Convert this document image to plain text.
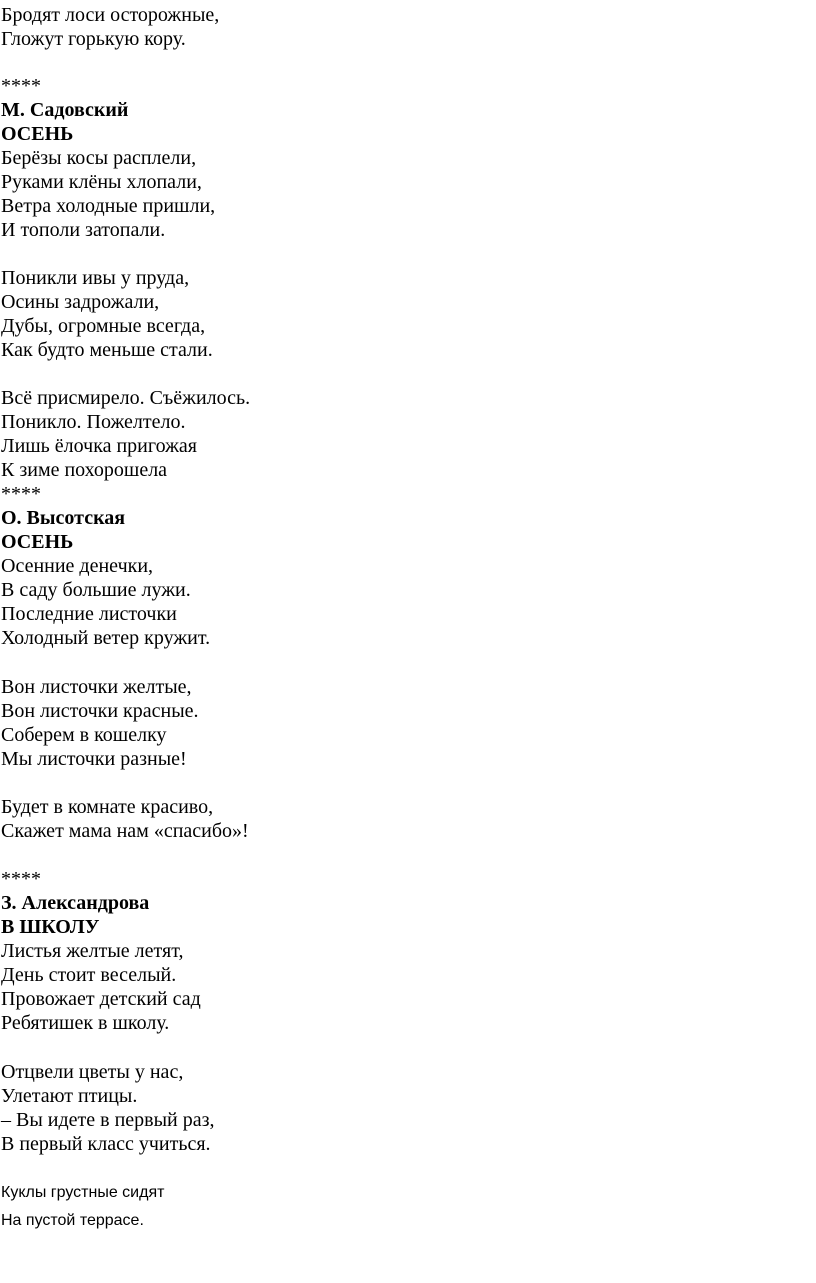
Бродят лоси осторожные,
Гложут горькую кору.
****
М. Садовский
ОСЕНЬ
Берёзы косы расплели,
Руками клёны хлопали,
Ветра холодные пришли,
И тополи затопали.
Поникли ивы у пруда,
Осины задрожали,
Дубы, огромные всегда,
Как будто меньше стали.
Всё присмирело. Съёжилось.
Поникло. Пожелтело.
Лишь ёлочка пригожая
К зиме похорошела
****
О. Высотская
ОСЕНЬ
Осенние денечки,
В саду большие лужи.
Последние листочки
Холодный ветер кружит.
Вон листочки желтые,
Вон листочки красные.
Соберем в кошелку
Мы листочки разные!
Будет в комнате красиво,
Скажет мама нам «спасибо»!
****
З. Александрова
В ШКОЛУ
Листья желтые летят,
День стоит веселый.
Провожает детский сад
Ребятишек в школу.
Отцвели цветы у нас,
Улетают птицы.
– Вы идете в первый раз,
В первый класс учиться.
Куклы грустные сидят
На пустой террасе.
